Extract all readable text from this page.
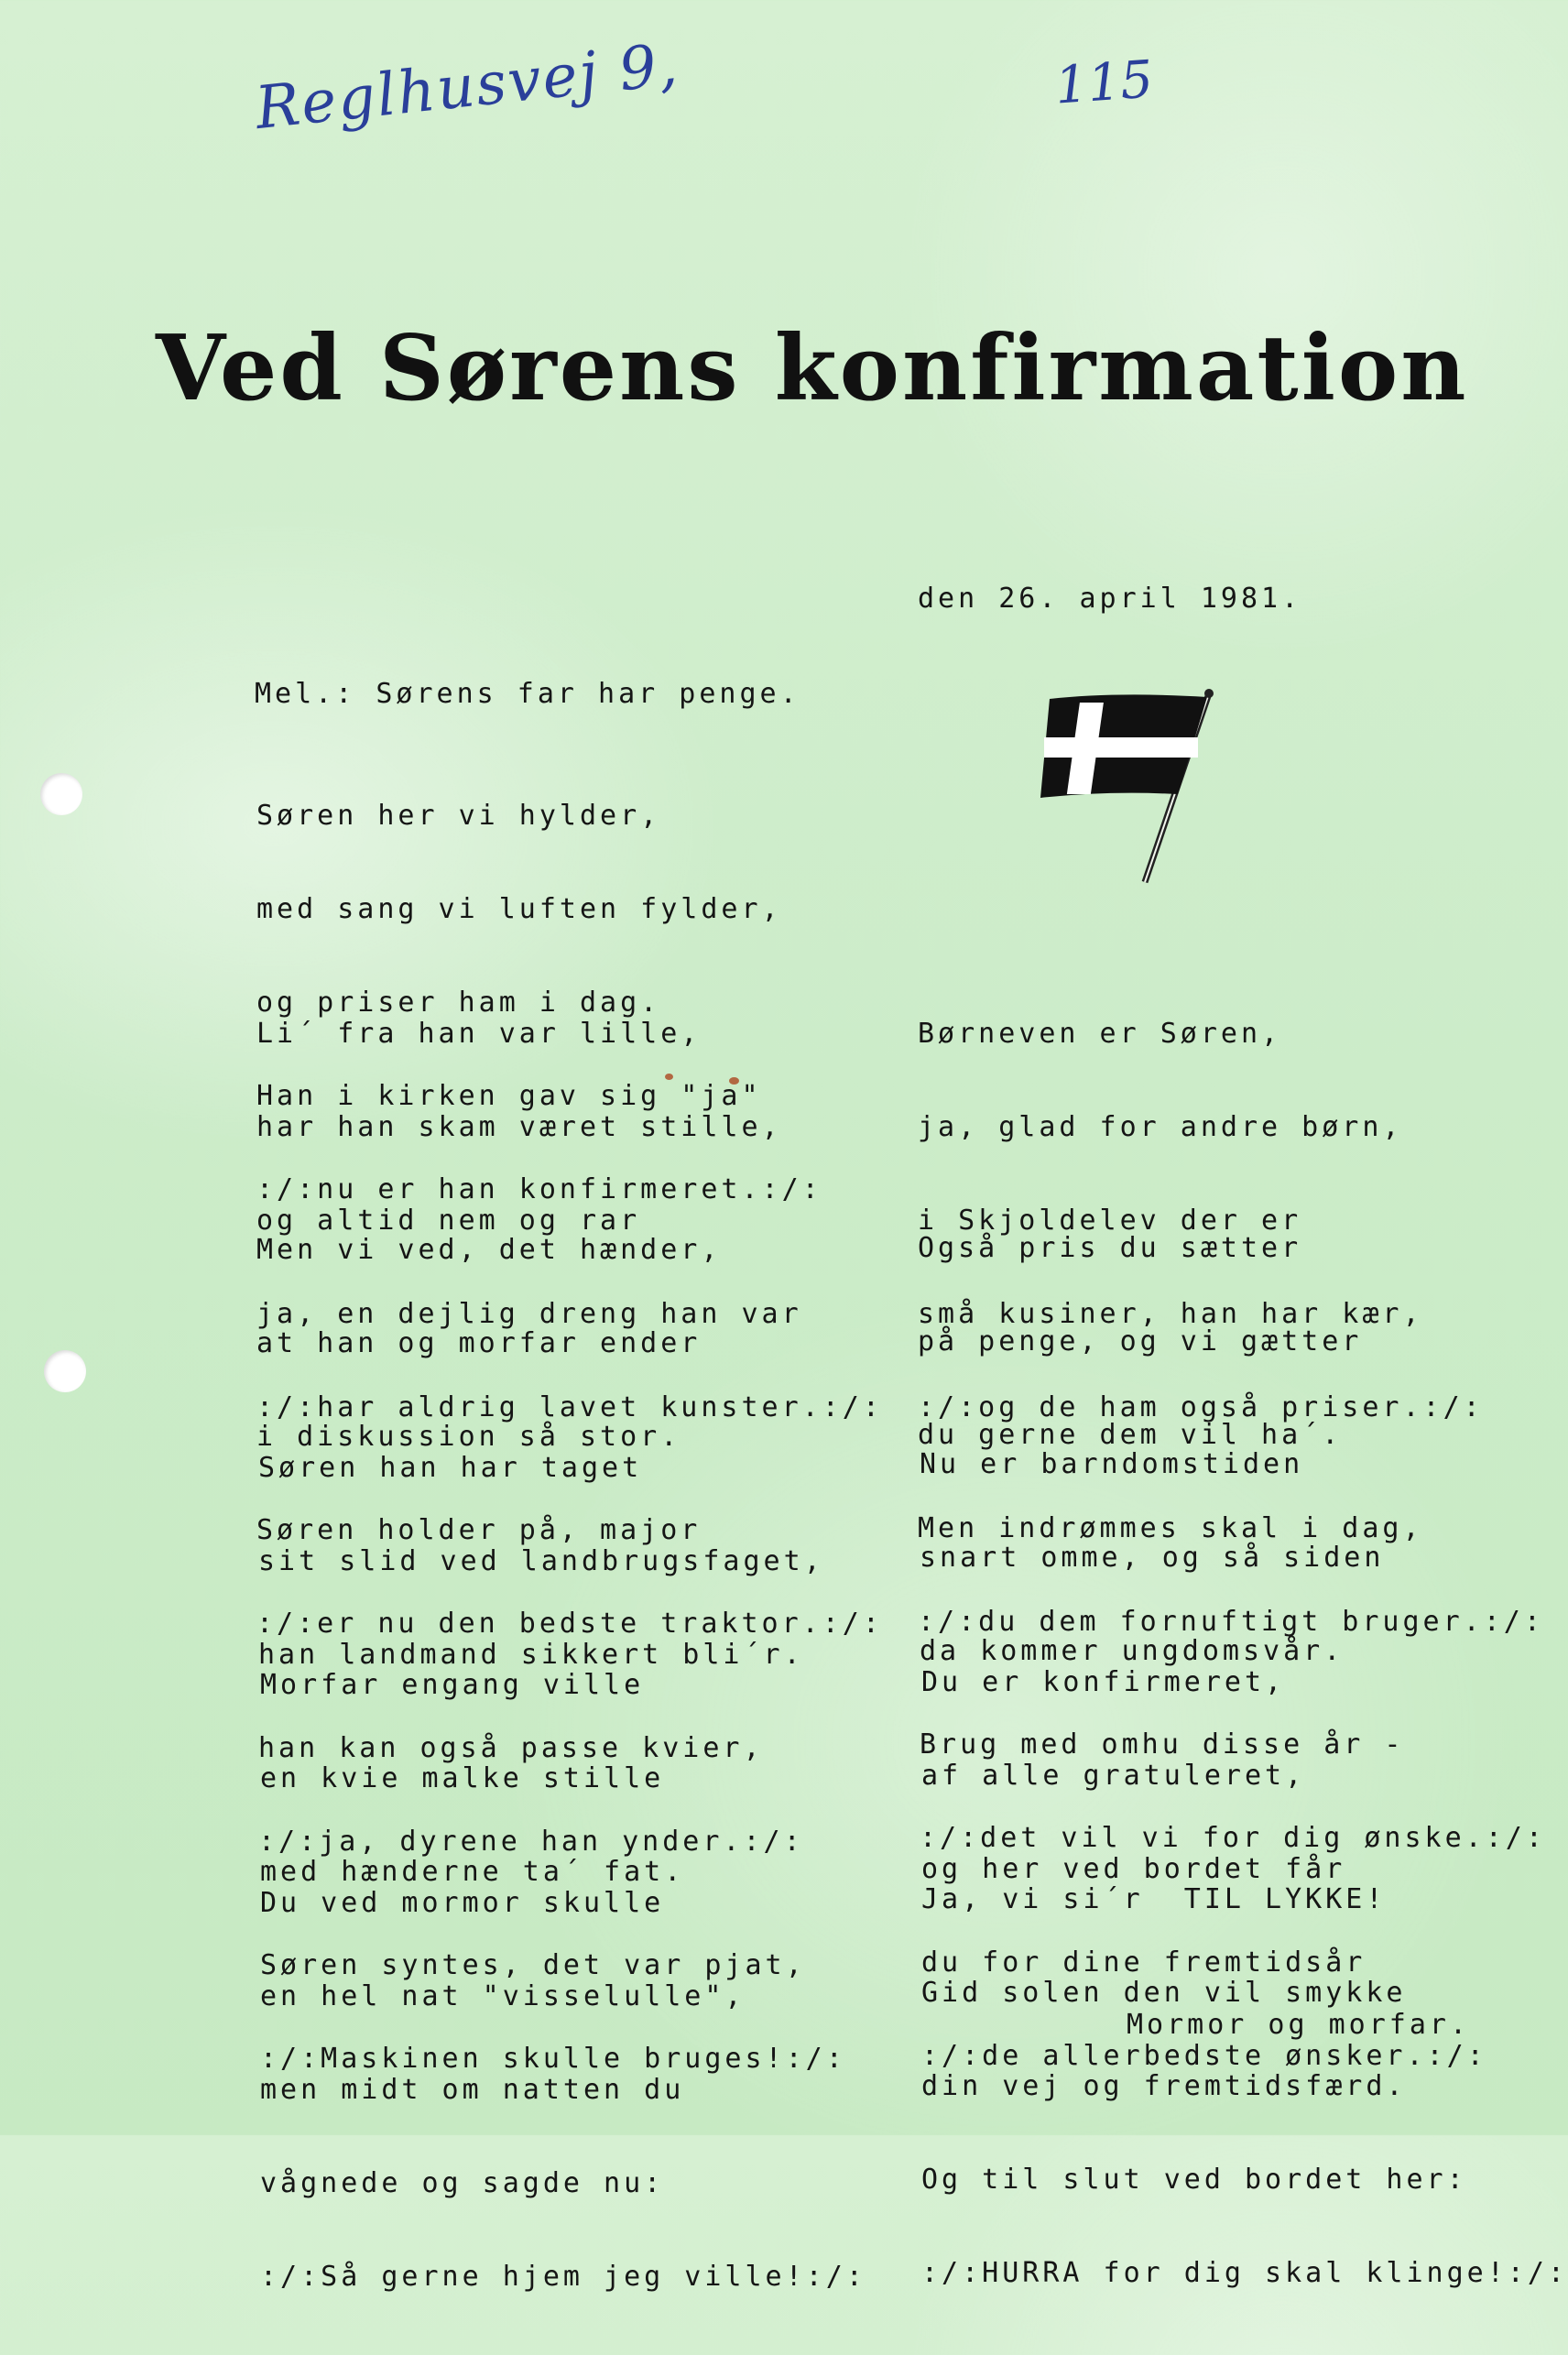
Reglhusvej 9,	115
Ved Sørens konfirmation
den 26. april 1981.
Mel.: Sørens far har penge.

Søren her vi hylder,

med sang vi luften fylder,

og priser ham i dag.

Han i kirken gav sig "ja"

:/:nu er han konfirmeret.:/:

Li´ fra han var lille,

har han skam været stille,

og altid nem og rar

ja, en dejlig dreng han var

:/:har aldrig lavet kunster.:/:

Men vi ved, det hænder,

at han og morfar ender

i diskussion så stor.

Søren holder på, major

:/:er nu den bedste traktor.:/:

Søren han har taget

sit slid ved landbrugsfaget,

han landmand sikkert bli´r.

han kan også passe kvier,

:/:ja, dyrene han ynder.:/:

Morfar engang ville

en kvie malke stille

med hænderne ta´ fat.

Søren syntes, det var pjat,

:/:Maskinen skulle bruges!:/:

Du ved mormor skulle

en hel nat "visselulle",

men midt om natten du

vågnede og sagde nu:

:/:Så gerne hjem jeg ville!:/:

Børneven er Søren,

ja, glad for andre børn,

i Skjoldelev der er

små kusiner, han har kær,

:/:og de ham også priser.:/:

Også pris du sætter

på penge, og vi gætter

du gerne dem vil ha´.

Men indrømmes skal i dag,

:/:du dem fornuftigt bruger.:/:

Nu er barndomstiden

snart omme, og så siden

da kommer ungdomsvår.

Brug med omhu disse år -

:/:det vil vi for dig ønske.:/:

Du er konfirmeret,

af alle gratuleret,

og her ved bordet får

du for dine fremtidsår

:/:de allerbedste ønsker.:/:

Ja, vi si´r  TIL LYKKE!

Gid solen den vil smykke

din vej og fremtidsfærd.

Og til slut ved bordet her:

:/:HURRA for dig skal klinge!:/:

Mormor og morfar.
